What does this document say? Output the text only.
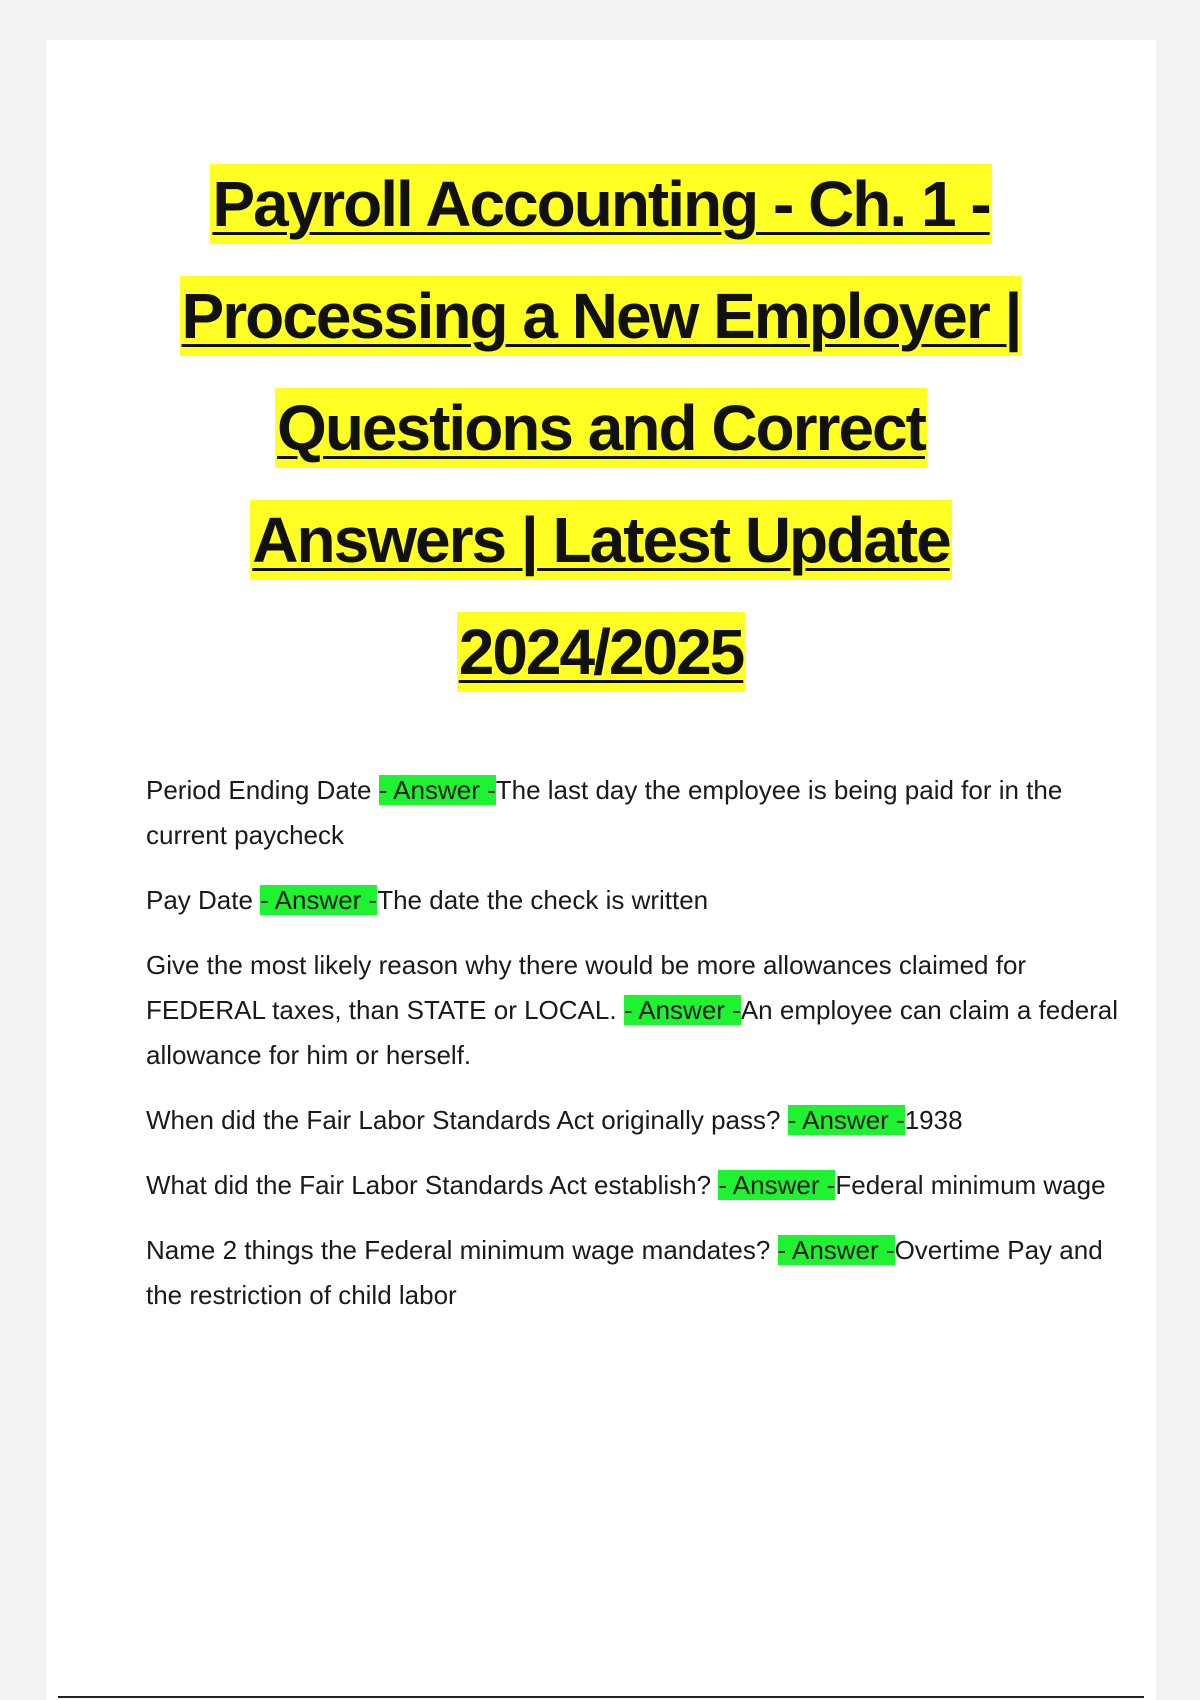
Payroll Accounting - Ch. 1 -
Processing a New Employer |
Questions and Correct
Answers | Latest Update
2024/2025

Period Ending Date - Answer -The last day the employee is being paid for in the current paycheck

Pay Date - Answer -The date the check is written

Give the most likely reason why there would be more allowances claimed for FEDERAL taxes, than STATE or LOCAL. - Answer -An employee can claim a federal allowance for him or herself.

When did the Fair Labor Standards Act originally pass? - Answer -1938

What did the Fair Labor Standards Act establish? - Answer -Federal minimum wage

Name 2 things the Federal minimum wage mandates? - Answer -Overtime Pay and the restriction of child labor
